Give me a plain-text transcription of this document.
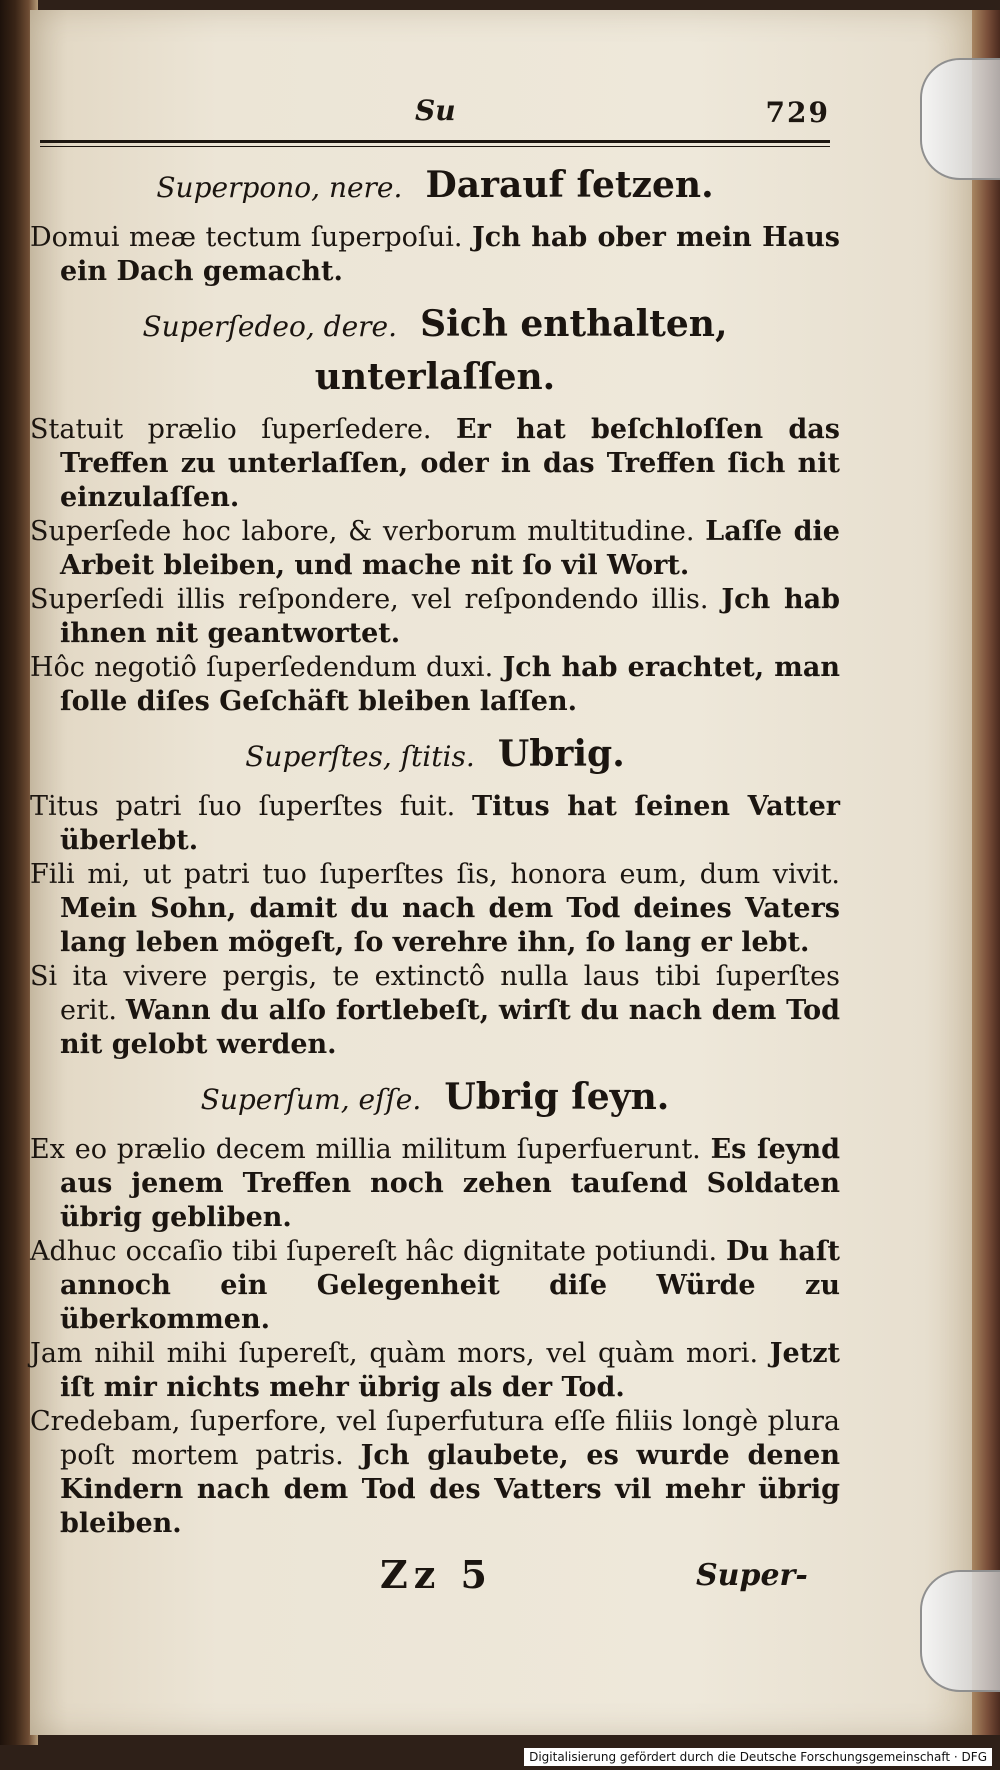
Su	729
Superpono, nere. Darauf ſetzen.

Domui meæ tectum ſuperpoſui. Jch hab ober mein Haus ein Dach gemacht.

Superſedeo, dere. Sich enthalten, unterlaſſen.

Statuit prælio ſuperſedere. Er hat beſchloſſen das Treffen zu unterlaſſen, oder in das Treffen ſich nit einzulaſſen.

Superſede hoc labore, & verborum multitudine. Laſſe die Arbeit bleiben, und mache nit ſo vil Wort.

Superſedi illis reſpondere, vel reſpondendo illis. Jch hab ihnen nit geantwortet.

Hôc negotiô ſuperſedendum duxi. Jch hab erachtet, man ſolle diſes Geſchäft bleiben laſſen.

Superſtes, ſtitis. Ubrig.

Titus patri ſuo ſuperſtes fuit. Titus hat ſeinen Vatter überlebt.

Fili mi, ut patri tuo ſuperſtes ſis, honora eum, dum vivit. Mein Sohn, damit du nach dem Tod deines Vaters lang leben mögeſt, ſo verehre ihn, ſo lang er lebt.

Si ita vivere pergis, te extinctô nulla laus tibi ſuperſtes erit. Wann du alſo fortlebeſt, wirſt du nach dem Tod nit gelobt werden.

Superſum, eſſe. Ubrig ſeyn.

Ex eo prælio decem millia militum ſuperfuerunt. Es ſeynd aus jenem Treffen noch zehen tauſend Soldaten übrig gebliben.

Adhuc occaſio tibi ſupereſt hâc dignitate potiundi. Du haſt annoch ein Gelegenheit diſe Würde zu überkommen.

Jam nihil mihi ſupereſt, quàm mors, vel quàm mori. Jetzt iſt mir nichts mehr übrig als der Tod.

Credebam, ſuperfore, vel ſuperfutura eſſe filiis longè plura poſt mortem patris. Jch glaubete, es wurde denen Kindern nach dem Tod des Vatters vil mehr übrig bleiben.

Zz 5	Super-
Digitalisierung gefördert durch die Deutsche Forschungsgemeinschaft · DFG
